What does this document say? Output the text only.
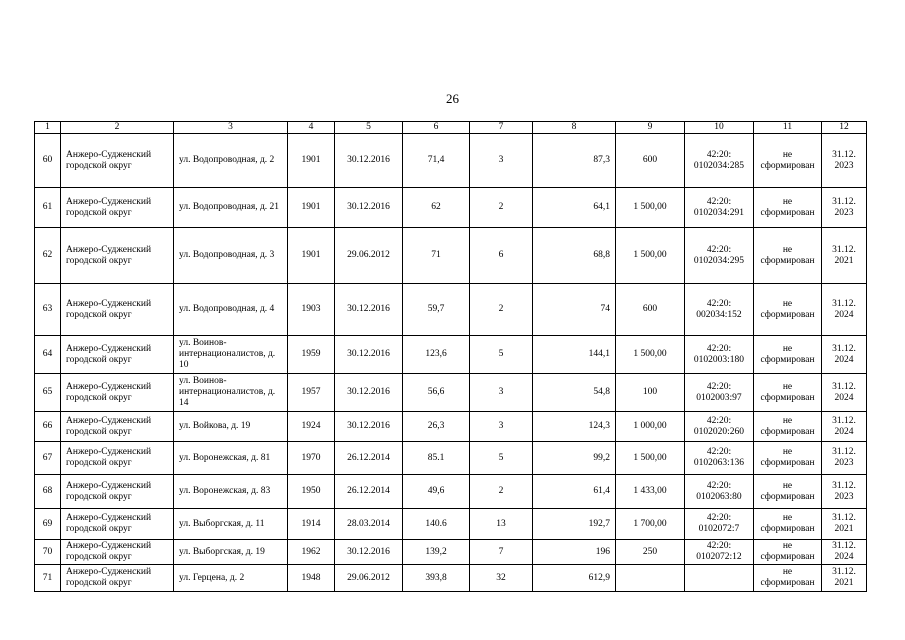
26
1	2	3	4	5	6	7	8	9	10	11	12
60	Анжеро-Судженский городской округ	ул. Водопроводная, д. 2	1901	30.12.2016	71,4	3	87,3	600	42:20: 0102034:285	не сформирован	31.12. 2023
61	Анжеро-Судженский городской округ	ул. Водопроводная, д. 21	1901	30.12.2016	62	2	64,1	1 500,00	42:20: 0102034:291	не сформирован	31.12. 2023
62	Анжеро-Судженский городской округ	ул. Водопроводная, д. 3	1901	29.06.2012	71	6	68,8	1 500,00	42:20: 0102034:295	не сформирован	31.12. 2021
63	Анжеро-Судженский городской округ	ул. Водопроводная, д. 4	1903	30.12.2016	59,7	2	74	600	42:20: 002034:152	не сформирован	31.12. 2024
64	Анжеро-Судженский городской округ	ул. Воинов-интернационалистов, д. 10	1959	30.12.2016	123,6	5	144,1	1 500,00	42:20: 0102003:180	не сформирован	31.12. 2024
65	Анжеро-Судженский городской округ	ул. Воинов-интернационалистов, д. 14	1957	30.12.2016	56,6	3	54,8	100	42:20: 0102003:97	не сформирован	31.12. 2024
66	Анжеро-Судженский городской округ	ул. Войкова, д. 19	1924	30.12.2016	26,3	3	124,3	1 000,00	42:20: 0102020:260	не сформирован	31.12. 2024
67	Анжеро-Судженский городской округ	ул. Воронежская, д. 81	1970	26.12.2014	85.1	5	99,2	1 500,00	42:20: 0102063:136	не сформирован	31.12. 2023
68	Анжеро-Судженский городской округ	ул. Воронежская, д. 83	1950	26.12.2014	49,6	2	61,4	1 433,00	42:20: 0102063:80	не сформирован	31.12. 2023
69	Анжеро-Судженский городской округ	ул. Выборгская, д. 11	1914	28.03.2014	140.6	13	192,7	1 700,00	42:20: 0102072:7	не сформирован	31.12. 2021
70	Анжеро-Судженский городской округ	ул. Выборгская, д. 19	1962	30.12.2016	139,2	7	196	250	42:20: 0102072:12	не сформирован	31.12. 2024
71	Анжеро-Судженский городской округ	ул. Герцена, д. 2	1948	29.06.2012	393,8	32	612,9			не сформирован	31.12. 2021
